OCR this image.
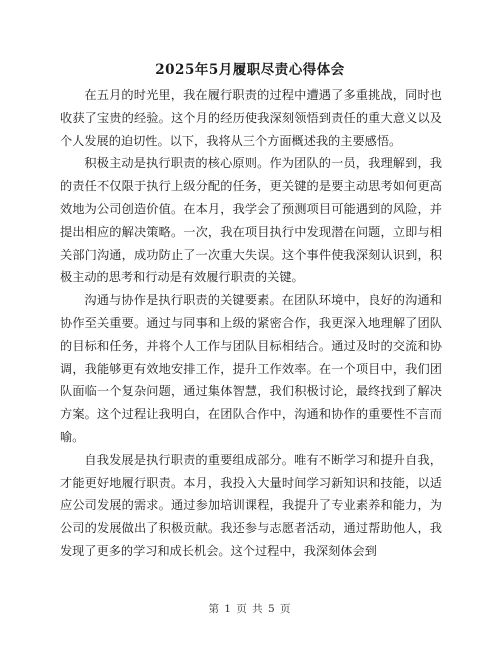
2025年5月履职尽责心得体会

在五月的时光里，我在履行职责的过程中遭遇了多重挑战，同时也收获了宝贵的经验。这个月的经历使我深刻领悟到责任的重大意义以及个人发展的迫切性。以下，我将从三个方面概述我的主要感悟。

积极主动是执行职责的核心原则。作为团队的一员，我理解到，我的责任不仅限于执行上级分配的任务，更关键的是要主动思考如何更高效地为公司创造价值。在本月，我学会了预测项目可能遇到的风险，并提出相应的解决策略。一次，我在项目执行中发现潜在问题，立即与相关部门沟通，成功防止了一次重大失误。这个事件使我深刻认识到，积极主动的思考和行动是有效履行职责的关键。

沟通与协作是执行职责的关键要素。在团队环境中，良好的沟通和协作至关重要。通过与同事和上级的紧密合作，我更深入地理解了团队的目标和任务，并将个人工作与团队目标相结合。通过及时的交流和协调，我能够更有效地安排工作，提升工作效率。在一个项目中，我们团队面临一个复杂问题，通过集体智慧，我们积极讨论，最终找到了解决方案。这个过程让我明白，在团队合作中，沟通和协作的重要性不言而喻。

自我发展是执行职责的重要组成部分。唯有不断学习和提升自我，才能更好地履行职责。本月，我投入大量时间学习新知识和技能，以适应公司发展的需求。通过参加培训课程，我提升了专业素养和能力，为公司的发展做出了积极贡献。我还参与志愿者活动，通过帮助他人，我发现了更多的学习和成长机会。这个过程中，我深刻体会到

第 1 页 共 5 页
